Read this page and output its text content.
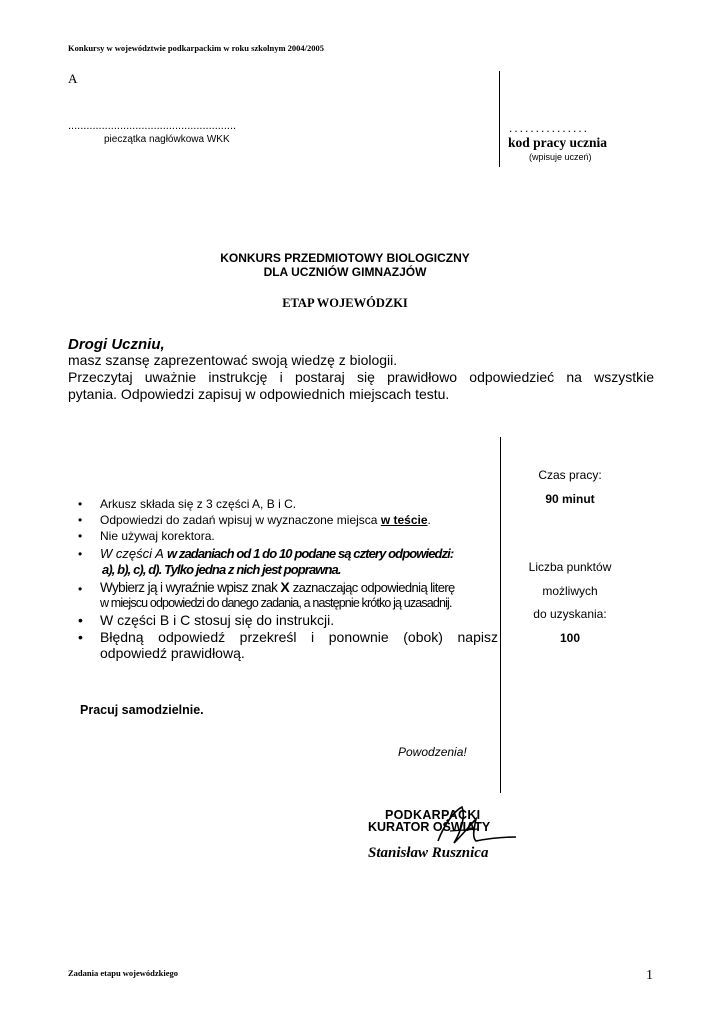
Konkursy w województwie podkarpackim w roku szkolnym 2004/2005
A
.......................................................
pieczątka nagłówkowa WKK
...............
kod pracy ucznia
(wpisuje uczeń)
KONKURS PRZEDMIOTOWY BIOLOGICZNY
DLA UCZNIÓW GIMNAZJÓW
ETAP WOJEWÓDZKI
Drogi Uczniu,
masz szansę zaprezentować swoją wiedzę z biologii.
Przeczytaj uważnie instrukcję i postaraj się prawidłowo odpowiedzieć na wszystkie
pytania. Odpowiedzi zapisuj w odpowiednich miejscach testu.
• Arkusz składa się z 3 części A, B i C.
• Odpowiedzi do zadań wpisuj w wyznaczone miejsca w teście.
• Nie używaj korektora.
• W części A w zadaniach od 1 do 10 podane są cztery odpowiedzi:
a), b), c), d). Tylko jedna z nich jest poprawna.
• Wybierz ją i wyraźnie wpisz znak X zaznaczając odpowiednią literę
w miejscu odpowiedzi do danego zadania, a następnie krótko ją uzasadnij.
• W części B i C stosuj się do instrukcji.
• Błędną odpowiedź przekreśl i ponownie (obok) napisz
odpowiedź prawidłową.
Czas pracy:
90 minut
Liczba punktów
możliwych
do uzyskania:
100
Pracuj samodzielnie.
Powodzenia!
PODKARPACKI
KURATOR OŚWIATY
Stanisław Rusznica
Zadania etapu wojewódzkiego	1
